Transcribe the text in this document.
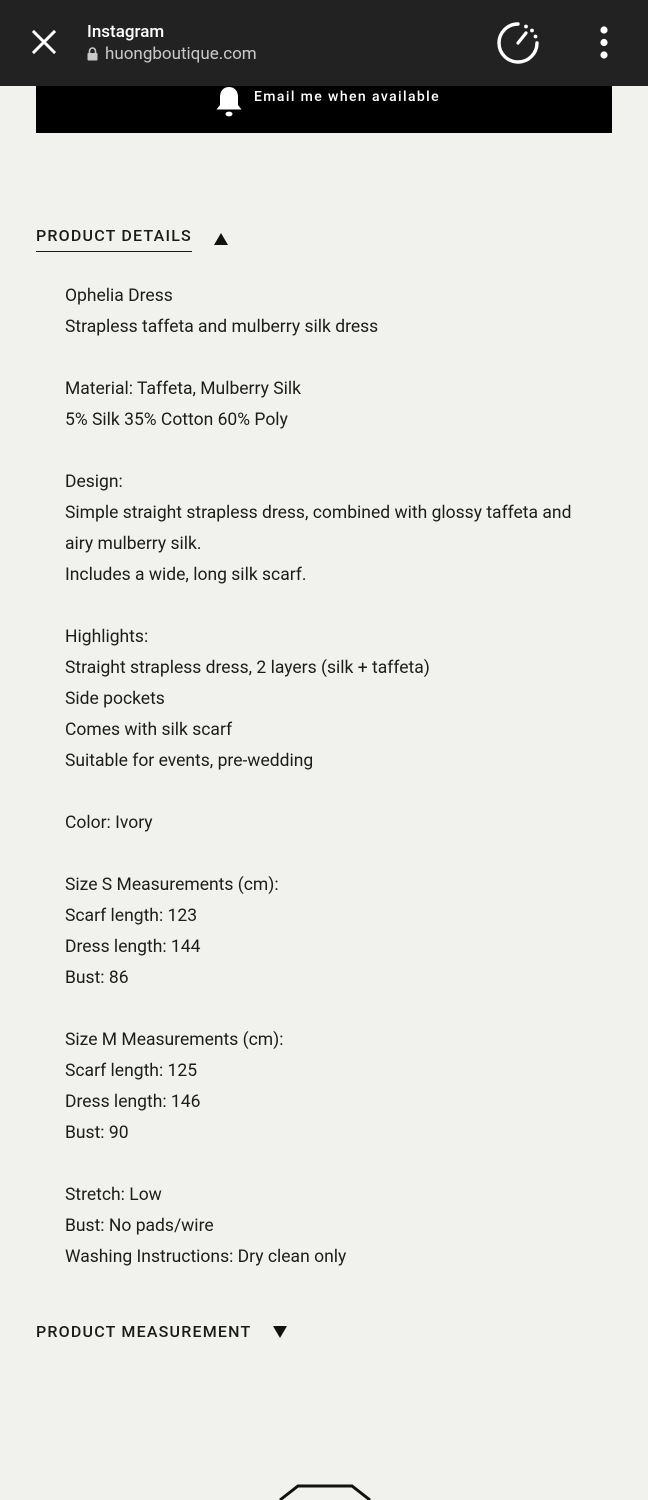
Instagram
huongboutique.com
Email me when available
PRODUCT DETAILS
Ophelia Dress
Strapless taffeta and mulberry silk dress
Material: Taffeta, Mulberry Silk
5% Silk 35% Cotton 60% Poly
Design:
Simple straight strapless dress, combined with glossy taffeta and
airy mulberry silk.
Includes a wide, long silk scarf.
Highlights:
Straight strapless dress, 2 layers (silk + taffeta)
Side pockets
Comes with silk scarf
Suitable for events, pre-wedding
Color: Ivory
Size S Measurements (cm):
Scarf length: 123
Dress length: 144
Bust: 86
Size M Measurements (cm):
Scarf length: 125
Dress length: 146
Bust: 90
Stretch: Low
Bust: No pads/wire
Washing Instructions: Dry clean only
PRODUCT MEASUREMENT
